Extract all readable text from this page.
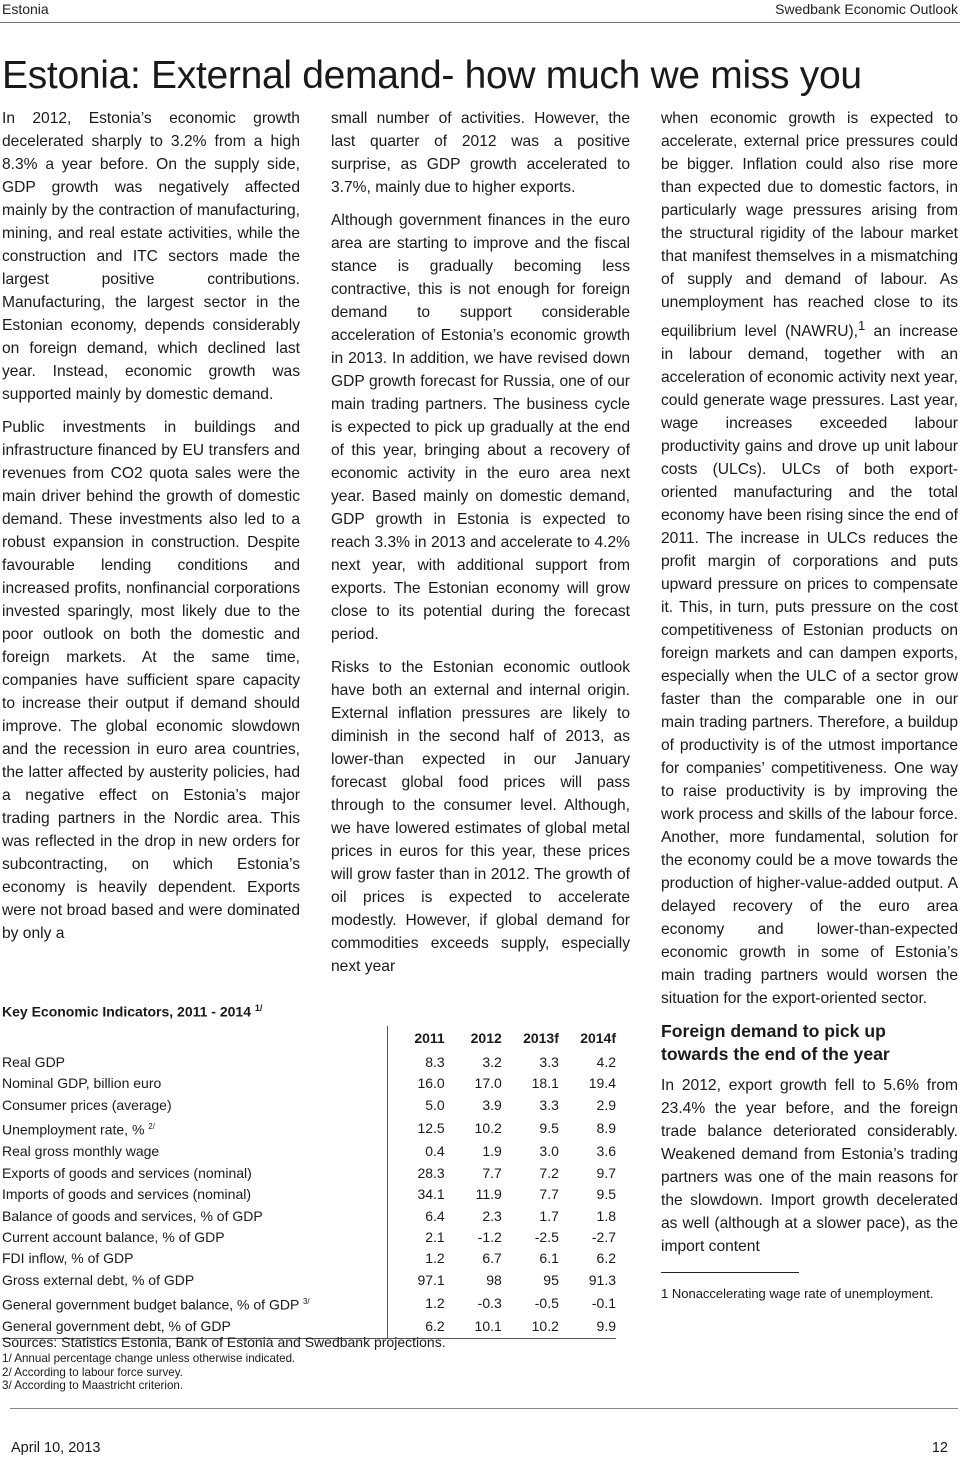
Estonia	Swedbank Economic Outlook
Estonia: External demand- how much we miss you

In 2012, Estonia’s economic growth decelerated sharply to 3.2% from a high 8.3% a year before. On the supply side, GDP growth was negatively affected mainly by the contraction of manufacturing, mining, and real estate activities, while the construction and ITC sectors made the largest positive contributions. Manufacturing, the largest sector in the Estonian economy, depends considerably on foreign demand, which declined last year. Instead, economic growth was supported mainly by domestic demand.

Public investments in buildings and infrastructure financed by EU transfers and revenues from CO2 quota sales were the main driver behind the growth of domestic demand. These investments also led to a robust expansion in construction. Despite favourable lending conditions and increased profits, nonfinancial corporations invested sparingly, most likely due to the poor outlook on both the domestic and foreign markets. At the same time, companies have sufficient spare capacity to increase their output if demand should improve. The global economic slowdown and the recession in euro area countries, the latter affected by austerity policies, had a negative effect on Estonia’s major trading partners in the Nordic area. This was reflected in the drop in new orders for subcontracting, on which Estonia’s economy is heavily dependent. Exports were not broad based and were dominated by only a

small number of activities. However, the last quarter of 2012 was a positive surprise, as GDP growth accelerated to 3.7%, mainly due to higher exports.

Although government finances in the euro area are starting to improve and the fiscal stance is gradually becoming less contractive, this is not enough for foreign demand to support considerable acceleration of Estonia’s economic growth in 2013. In addition, we have revised down GDP growth forecast for Russia, one of our main trading partners. The business cycle is expected to pick up gradually at the end of this year, bringing about a recovery of economic activity in the euro area next year. Based mainly on domestic demand, GDP growth in Estonia is expected to reach 3.3% in 2013 and accelerate to 4.2% next year, with additional support from exports. The Estonian economy will grow close to its potential during the forecast period.

Risks to the Estonian economic outlook have both an external and internal origin. External inflation pressures are likely to diminish in the second half of 2013, as lower-than expected in our January forecast global food prices will pass through to the consumer level. Although, we have lowered estimates of global metal prices in euros for this year, these prices will grow faster than in 2012. The growth of oil prices is expected to accelerate modestly. However, if global demand for commodities exceeds supply, especially next year

when economic growth is expected to accelerate, external price pressures could be bigger. Inflation could also rise more than expected due to domestic factors, in particularly wage pressures arising from the structural rigidity of the labour market that manifest themselves in a mismatching of supply and demand of labour. As unemployment has reached close to its equilibrium level (NAWRU),$^1$ an increase in labour demand, together with an acceleration of economic activity next year, could generate wage pressures. Last year, wage increases exceeded labour productivity gains and drove up unit labour costs (ULCs). ULCs of both export-oriented manufacturing and the total economy have been rising since the end of 2011. The increase in ULCs reduces the profit margin of corporations and puts upward pressure on prices to compensate it. This, in turn, puts pressure on the cost competitiveness of Estonian products on foreign markets and can dampen exports, especially when the ULC of a sector grow faster than the comparable one in our main trading partners. Therefore, a buildup of productivity is of the utmost importance for companies’ competitiveness. One way to raise productivity is by improving the work process and skills of the labour force. Another, more fundamental, solution for the economy could be a move towards the production of higher-value-added output. A delayed recovery of the euro area economy and lower-than-expected economic growth in some of Estonia’s main trading partners would worsen the situation for the export-oriented sector.

Foreign demand to pick up towards the end of the year

In 2012, export growth fell to 5.6% from 23.4% the year before, and the foreign trade balance deteriorated considerably. Weakened demand from Estonia’s trading partners was one of the main reasons for the slowdown. Import growth decelerated as well (although at a slower pace), as the import content

1 Nonaccelerating wage rate of unemployment.
Key Economic Indicators, 2011 - 2014 $^{1/}$
	2011	2012	2013f	2014f
Real GDP	8.3	3.2	3.3	4.2
Nominal GDP, billion euro	16.0	17.0	18.1	19.4
Consumer prices (average)	5.0	3.9	3.3	2.9
Unemployment rate, % $^{2/}$	12.5	10.2	9.5	8.9
Real gross monthly wage	0.4	1.9	3.0	3.6
Exports of goods and services (nominal)	28.3	7.7	7.2	9.7
Imports of goods and services (nominal)	34.1	11.9	7.7	9.5
Balance of goods and services, % of GDP	6.4	2.3	1.7	1.8
Current account balance, % of GDP	2.1	-1.2	-2.5	-2.7
FDI inflow, % of GDP	1.2	6.7	6.1	6.2
Gross external debt, % of GDP	97.1	98	95	91.3
General government budget balance, % of GDP $^{3/}$	1.2	-0.3	-0.5	-0.1
General government debt, % of GDP	6.2	10.1	10.2	9.9
Sources: Statistics Estonia, Bank of Estonia and Swedbank projections.
1/ Annual percentage change unless otherwise indicated.
2/ According to labour force survey.
3/ According to Maastricht criterion.
April 10, 2013	12
